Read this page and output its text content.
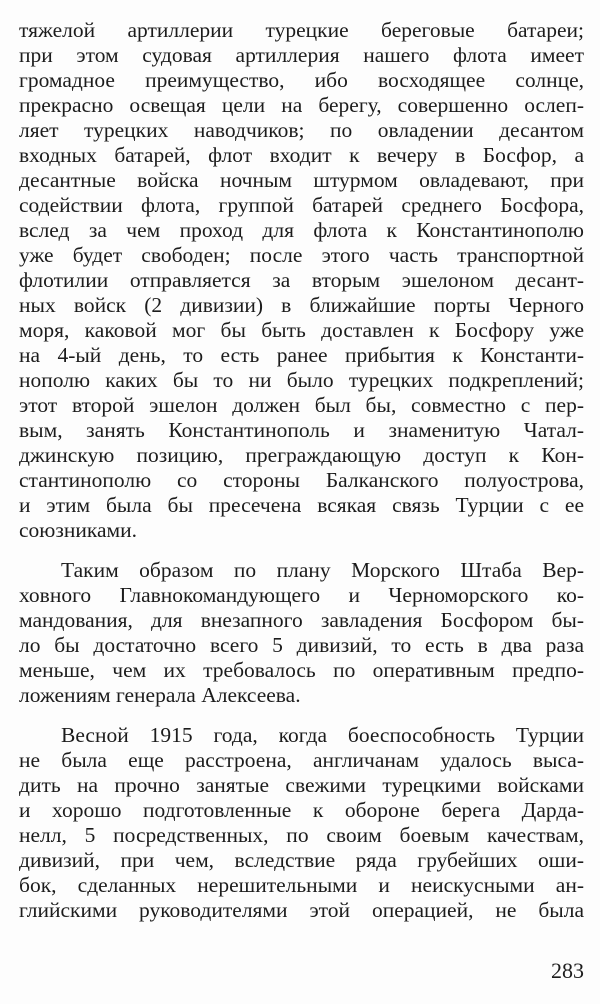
тяжелой артиллерии турецкие береговые батареи;
при этом судовая артиллерия нашего флота имеет
громадное преимущество, ибо восходящее солнце,
прекрасно освещая цели на берегу, совершенно ослеп-
ляет турецких наводчиков; по овладении десантом
входных батарей, флот входит к вечеру в Босфор, а
десантные войска ночным штурмом овладевают, при
содействии флота, группой батарей среднего Босфора,
вслед за чем проход для флота к Константинополю
уже будет свободен; после этого часть транспортной
флотилии отправляется за вторым эшелоном десант-
ных войск (2 дивизии) в ближайшие порты Черного
моря, каковой мог бы быть доставлен к Босфору уже
на 4-ый день, то есть ранее прибытия к Константи-
нополю каких бы то ни было турецких подкреплений;
этот второй эшелон должен был бы, совместно с пер-
вым, занять Константинополь и знаменитую Чатал-
джинскую позицию, преграждающую доступ к Кон-
стантинополю со стороны Балканского полуострова,
и этим была бы пресечена всякая связь Турции с ее
союзниками.
Таким образом по плану Морского Штаба Вер-
ховного Главнокомандующего и Черноморского ко-
мандования, для внезапного завладения Босфором бы-
ло бы достаточно всего 5 дивизий, то есть в два раза
меньше, чем их требовалось по оперативным предпо-
ложениям генерала Алексеева.
Весной 1915 года, когда боеспособность Турции
не была еще расстроена, англичанам удалось выса-
дить на прочно занятые свежими турецкими войсками
и хорошо подготовленные к обороне берега Дарда-
нелл, 5 посредственных, по своим боевым качествам,
дивизий, при чем, вследствие ряда грубейших оши-
бок, сделанных нерешительными и неискусными ан-
глийскими руководителями этой операцией, не была
283
